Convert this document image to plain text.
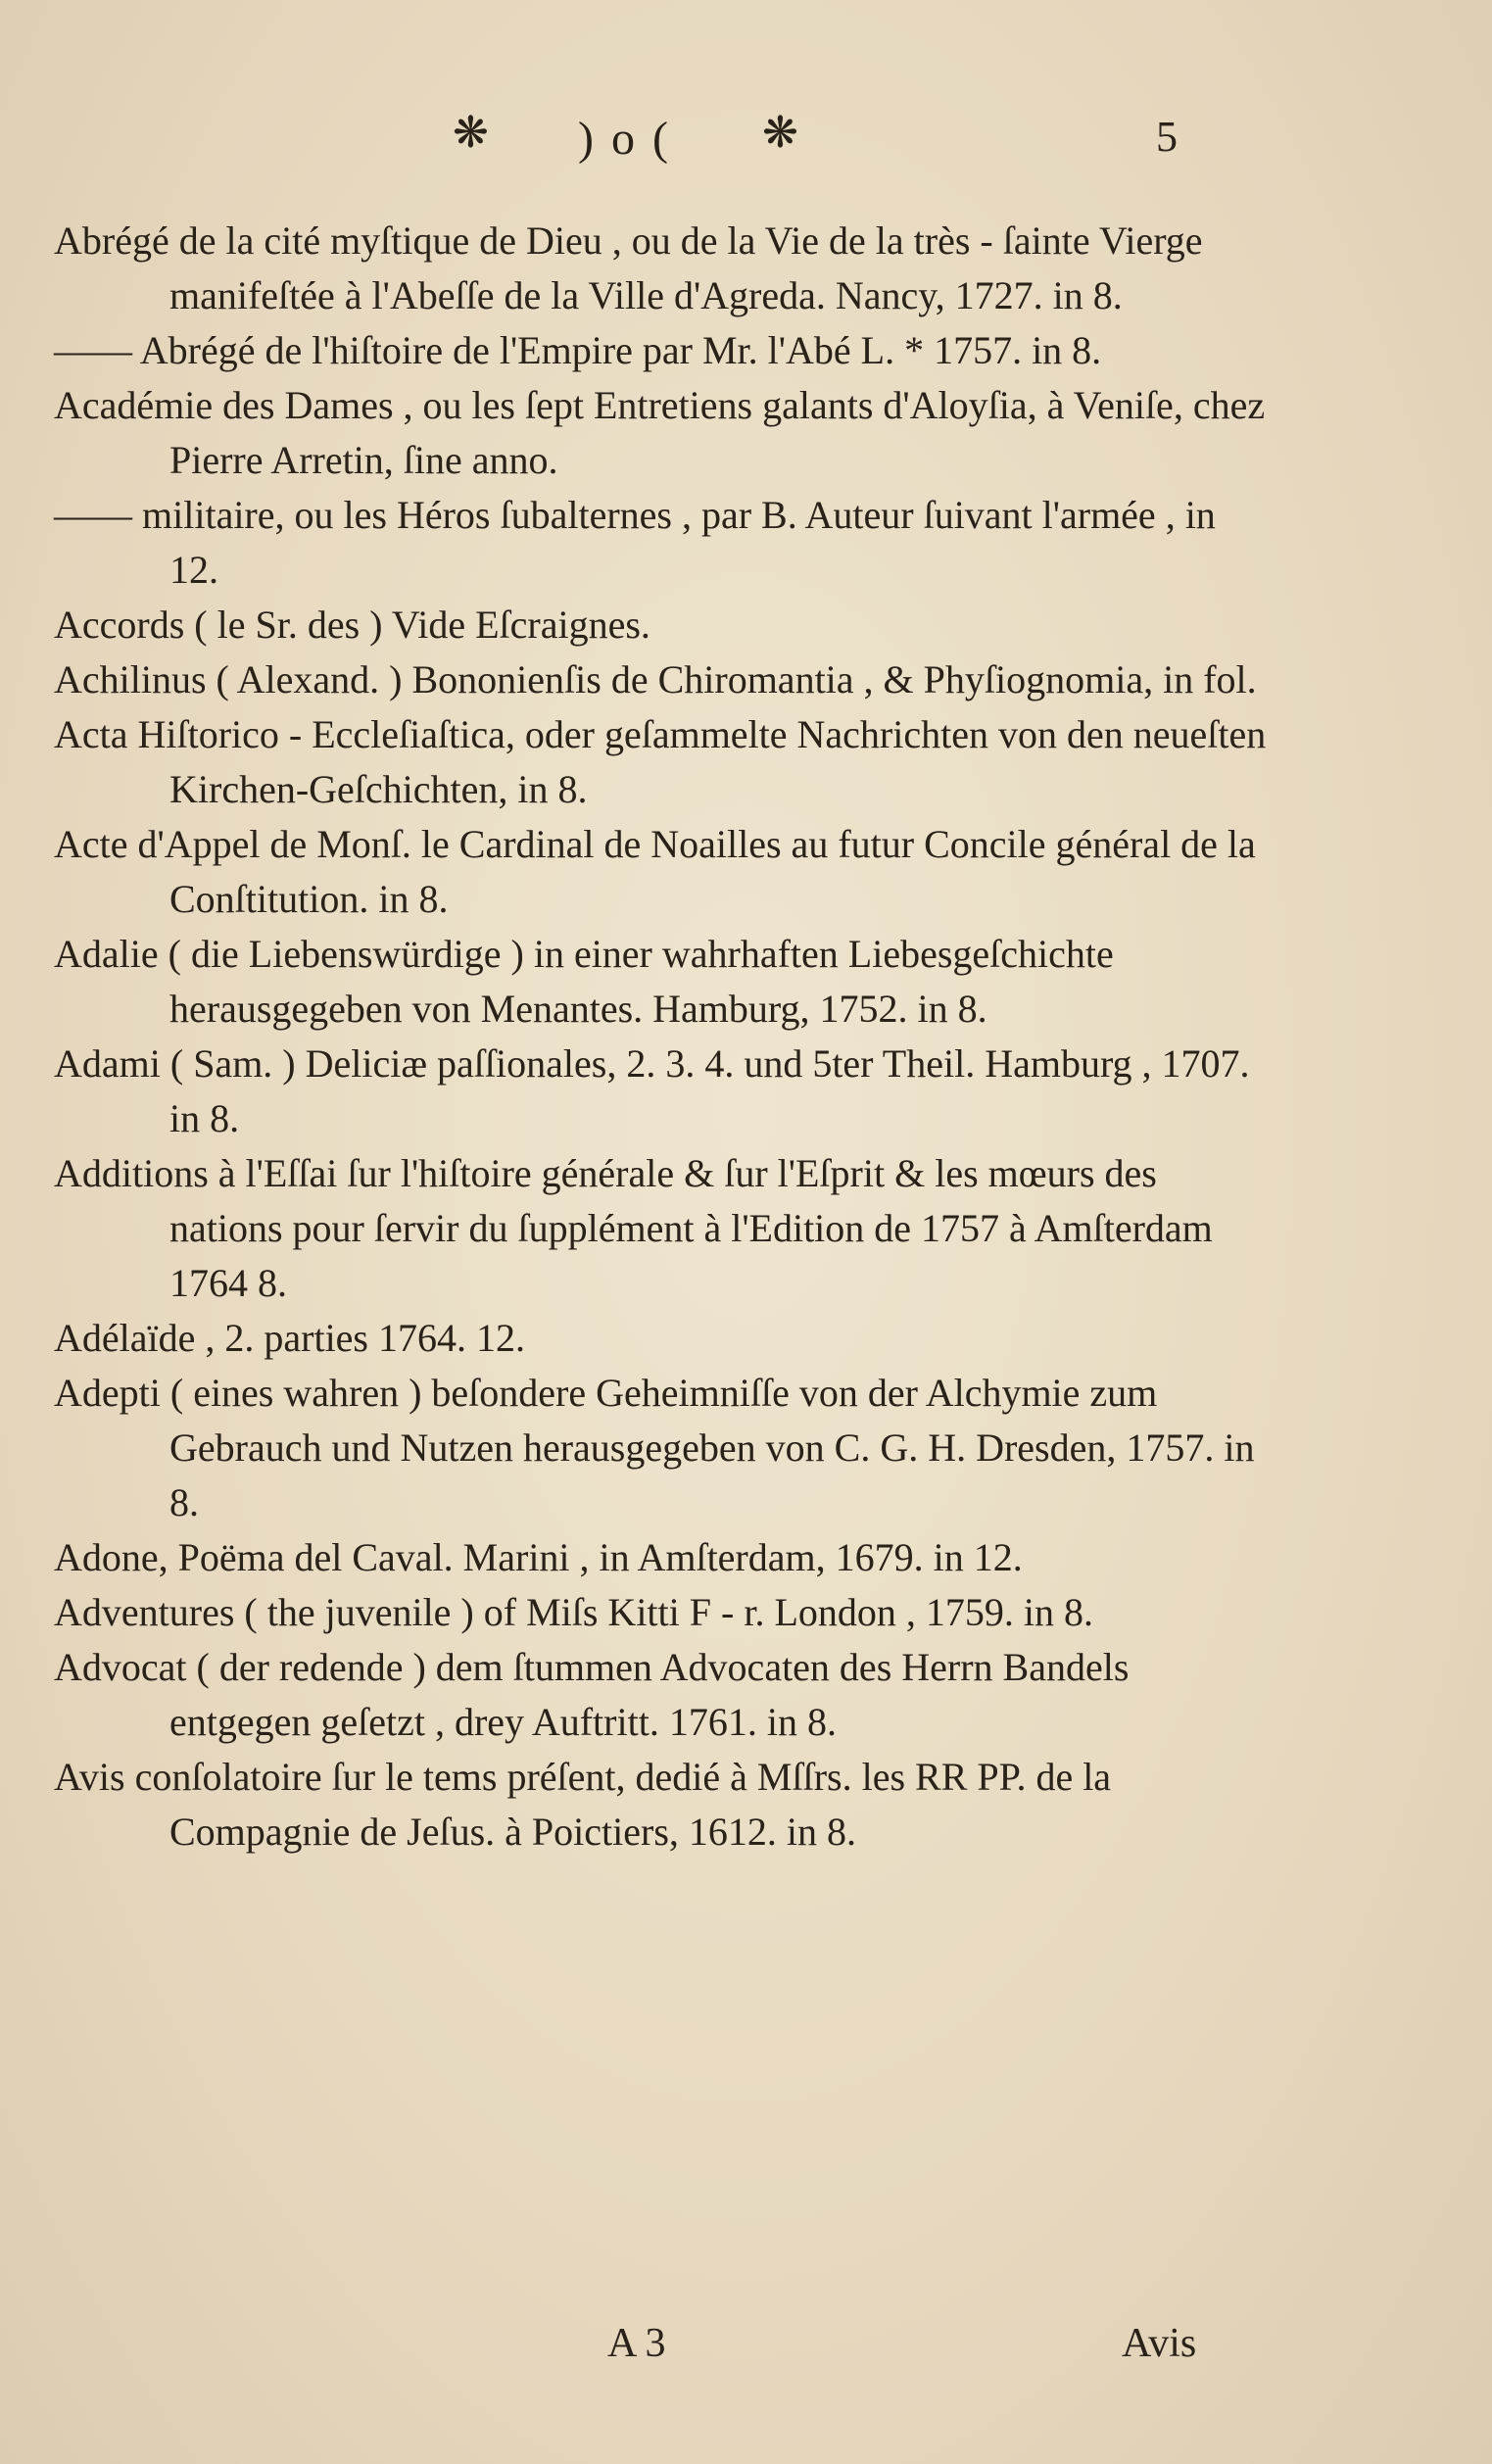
❋ )o( ❋	5

Abrégé de la cité myſtique de Dieu , ou de la Vie de la très - ſainte Vierge manifeſtée à l'Abeſſe de la Ville d'Agreda. Nancy, 1727. in 8.

—— Abrégé de l'hiſtoire de l'Empire par Mr. l'Abé L. * 1757. in 8.

Académie des Dames , ou les ſept Entretiens galants d'Aloyſia, à Veniſe, chez Pierre Arretin, ſine anno.

—— militaire, ou les Héros ſubalternes , par B. Auteur ſuivant l'armée , in 12.

Accords ( le Sr. des ) Vide Eſcraignes.

Achilinus ( Alexand. ) Bononienſis de Chiromantia , & Phyſiognomia, in fol.

Acta Hiſtorico - Eccleſiaſtica, oder geſammelte Nachrichten von den neueſten Kirchen-Geſchichten, in 8.

Acte d'Appel de Monſ. le Cardinal de Noailles au futur Concile général de la Conſtitution. in 8.

Adalie ( die Liebenswürdige ) in einer wahrhaften Liebesgeſchichte herausgegeben von Menantes. Hamburg, 1752. in 8.

Adami ( Sam. ) Deliciæ paſſionales, 2. 3. 4. und 5ter Theil. Hamburg , 1707. in 8.

Additions à l'Eſſai ſur l'hiſtoire générale & ſur l'Eſprit & les mœurs des nations pour ſervir du ſupplément à l'Edition de 1757 à Amſterdam 1764 8.

Adélaïde , 2. parties 1764. 12.

Adepti ( eines wahren ) beſondere Geheimniſſe von der Alchymie zum Gebrauch und Nutzen herausgegeben von C. G. H. Dresden, 1757. in 8.

Adone, Poëma del Caval. Marini , in Amſterdam, 1679. in 12.

Adventures ( the juvenile ) of Miſs Kitti F - r. London , 1759. in 8.

Advocat ( der redende ) dem ſtummen Advocaten des Herrn Bandels entgegen geſetzt , drey Auftritt. 1761. in 8.

Avis conſolatoire ſur le tems préſent, dedié à Mſſrs. les RR PP. de la Compagnie de Jeſus. à Poictiers, 1612. in 8.

A 3	Avis
